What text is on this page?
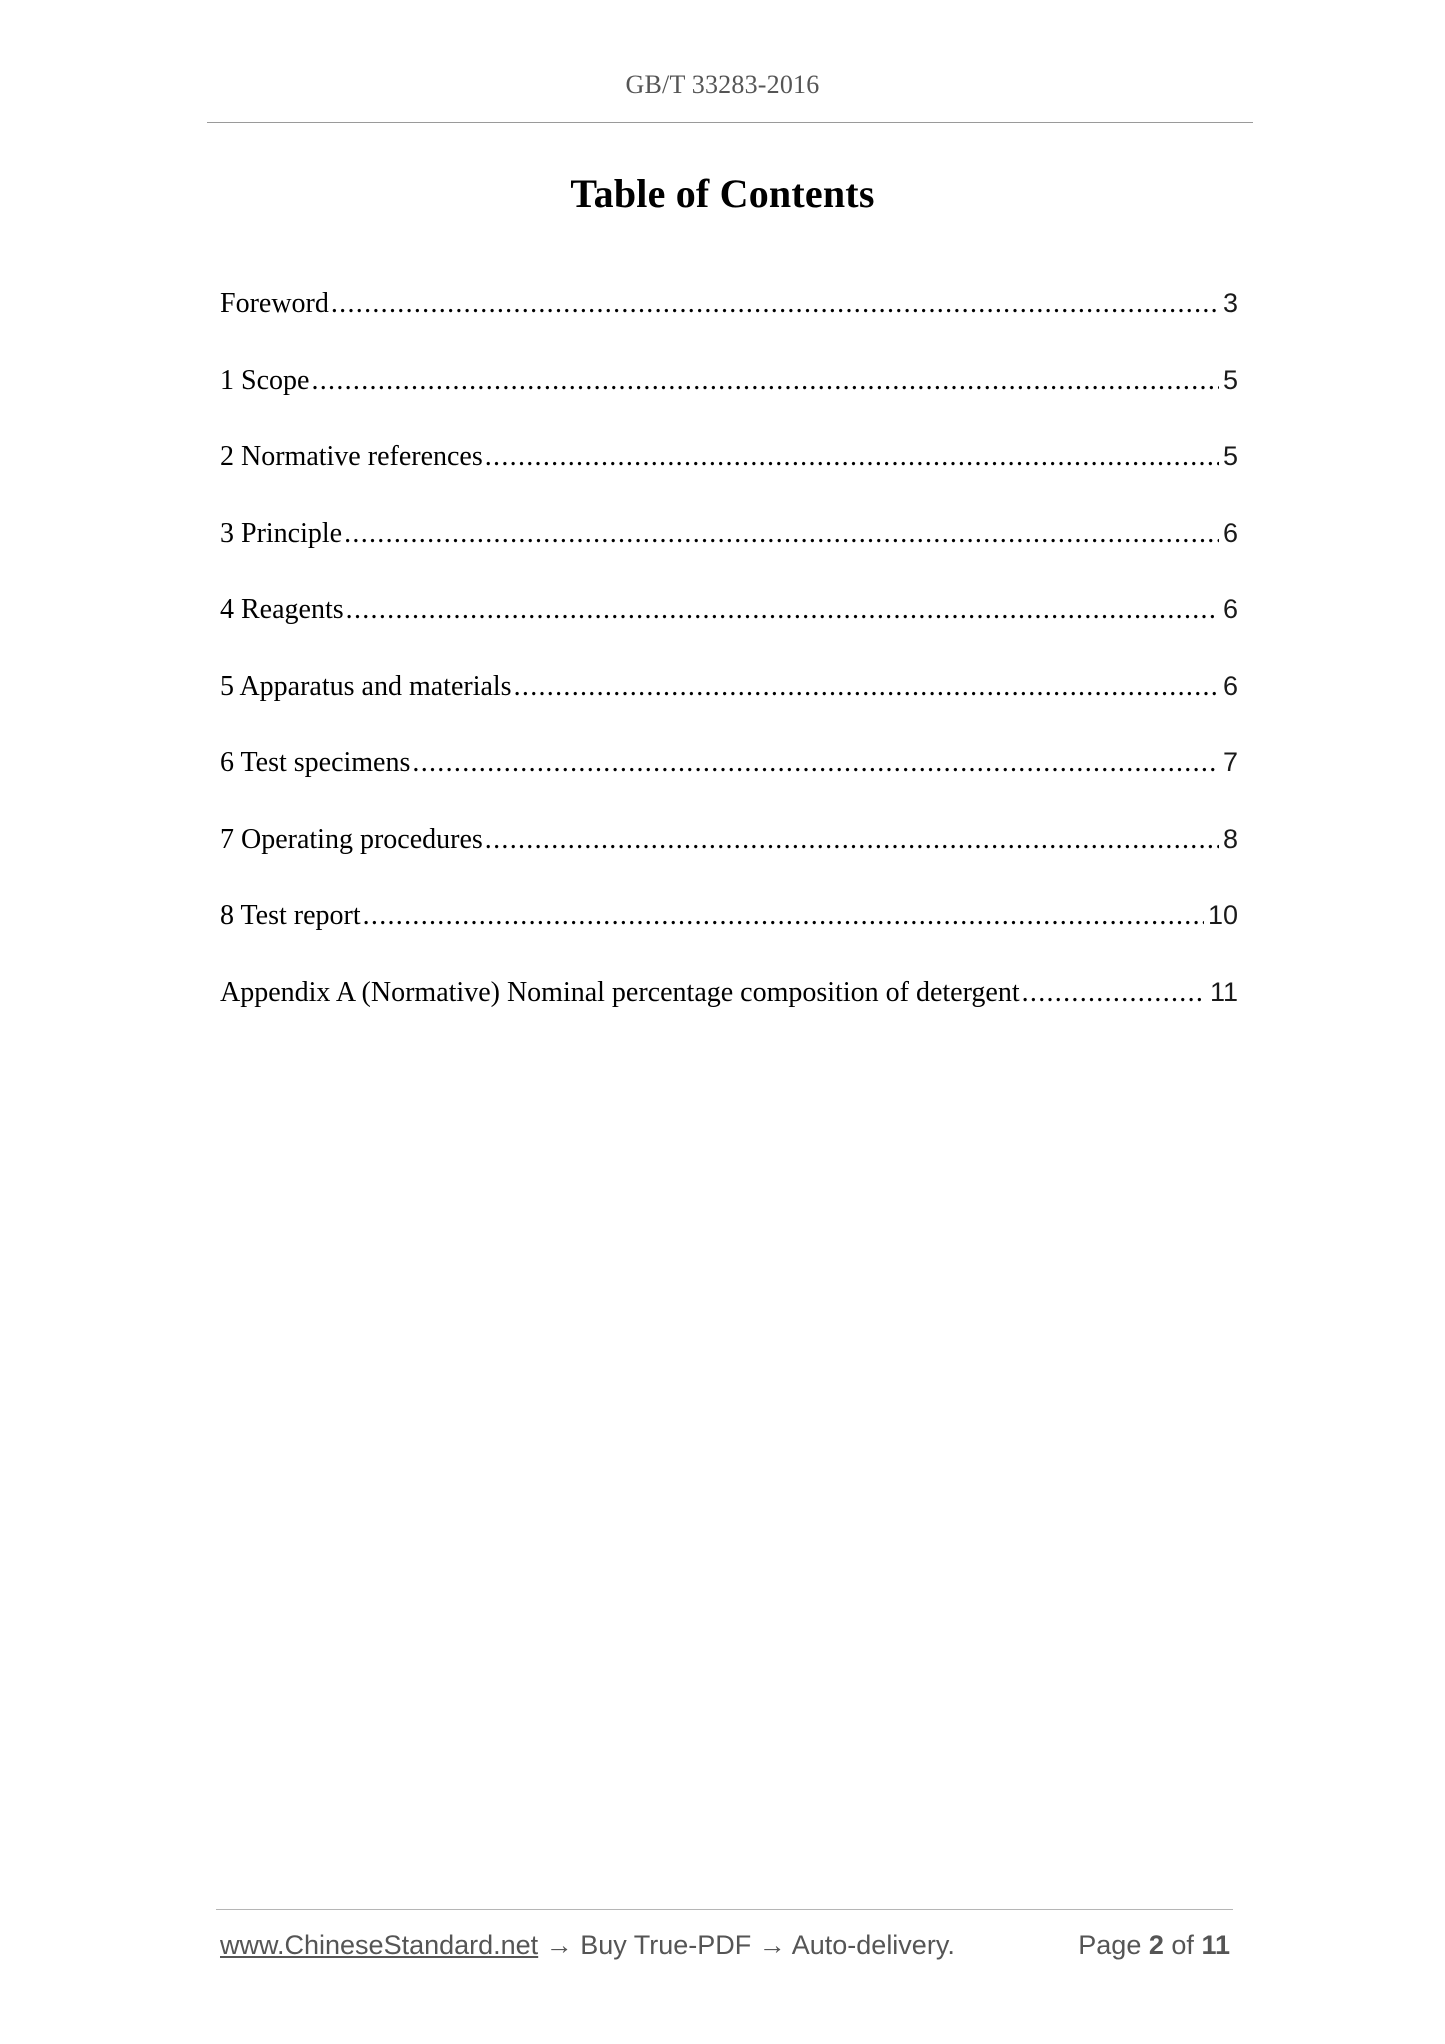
GB/T 33283-2016
Table of Contents
Foreword .....	3
1 Scope .....	5
2 Normative references .....	5
3 Principle .....	6
4 Reagents .....	6
5 Apparatus and materials .....	6
6 Test specimens .....	7
7 Operating procedures .....	8
8 Test report .....	10
Appendix A (Normative) Nominal percentage composition of detergent .....	11
www.ChineseStandard.net → Buy True-PDF → Auto-delivery.	Page 2 of 11
